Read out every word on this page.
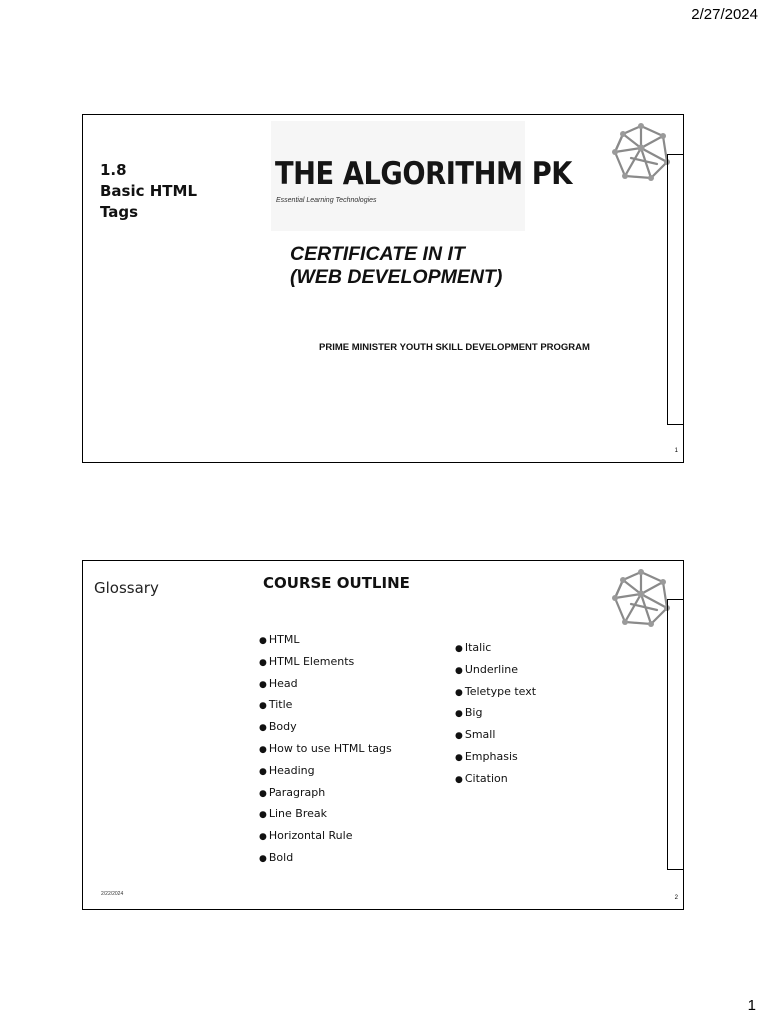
2/27/2024
1.8
Basic HTML
Tags
THE ALGORITHM PK
Essential Learning Technologies
CERTIFICATE IN IT
(WEB DEVELOPMENT)
PRIME MINISTER YOUTH SKILL DEVELOPMENT PROGRAM
1
Glossary	COURSE OUTLINE
● HTML
● HTML Elements
● Head
● Title
● Body
● How to use HTML tags
● Heading
● Paragraph
● Line Break
● Horizontal Rule
● Bold
● Italic
● Underline
● Teletype text
● Big
● Small
● Emphasis
● Citation
2/22/2024
2
1
